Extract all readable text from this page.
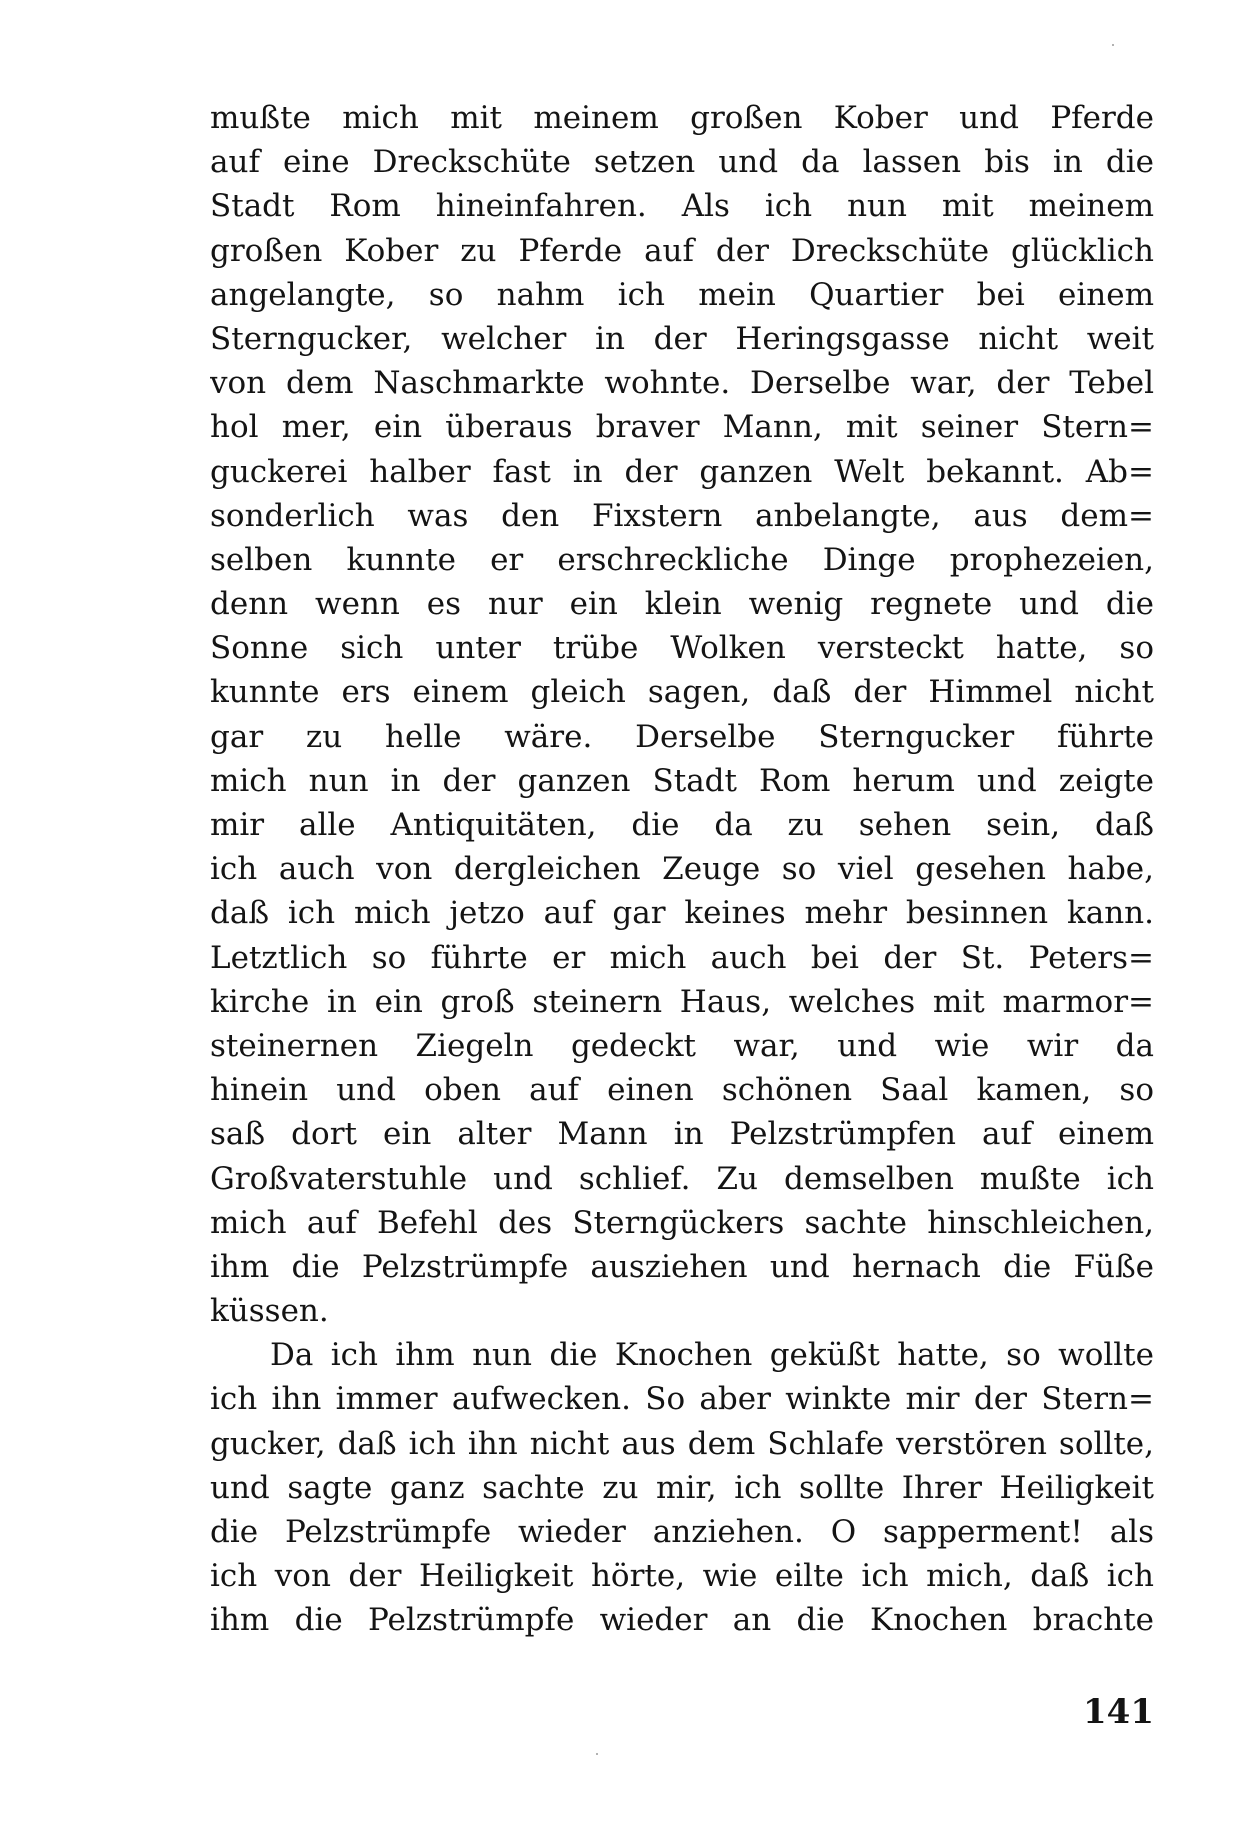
mußte mich mit meinem großen Kober und Pferde
auf eine Dreckschüte setzen und da lassen bis in die
Stadt Rom hineinfahren. Als ich nun mit meinem
großen Kober zu Pferde auf der Dreckschüte glücklich
angelangte, so nahm ich mein Quartier bei einem
Sterngucker, welcher in der Heringsgasse nicht weit
von dem Naschmarkte wohnte. Derselbe war, der Tebel
hol mer, ein überaus braver Mann, mit seiner Stern=
guckerei halber fast in der ganzen Welt bekannt. Ab=
sonderlich was den Fixstern anbelangte, aus dem=
selben kunnte er erschreckliche Dinge prophezeien,
denn wenn es nur ein klein wenig regnete und die
Sonne sich unter trübe Wolken versteckt hatte, so
kunnte ers einem gleich sagen, daß der Himmel nicht
gar zu helle wäre. Derselbe Sterngucker führte
mich nun in der ganzen Stadt Rom herum und zeigte
mir alle Antiquitäten, die da zu sehen sein, daß
ich auch von dergleichen Zeuge so viel gesehen habe,
daß ich mich jetzo auf gar keines mehr besinnen kann.
Letztlich so führte er mich auch bei der St. Peters=
kirche in ein groß steinern Haus, welches mit marmor=
steinernen Ziegeln gedeckt war, und wie wir da
hinein und oben auf einen schönen Saal kamen, so
saß dort ein alter Mann in Pelzstrümpfen auf einem
Großvaterstuhle und schlief. Zu demselben mußte ich
mich auf Befehl des Sterngückers sachte hinschleichen,
ihm die Pelzstrümpfe ausziehen und hernach die Füße
küssen.
Da ich ihm nun die Knochen geküßt hatte, so wollte
ich ihn immer aufwecken. So aber winkte mir der Stern=
gucker, daß ich ihn nicht aus dem Schlafe verstören sollte,
und sagte ganz sachte zu mir, ich sollte Ihrer Heiligkeit
die Pelzstrümpfe wieder anziehen. O sapperment! als
ich von der Heiligkeit hörte, wie eilte ich mich, daß ich
ihm die Pelzstrümpfe wieder an die Knochen brachte
141
